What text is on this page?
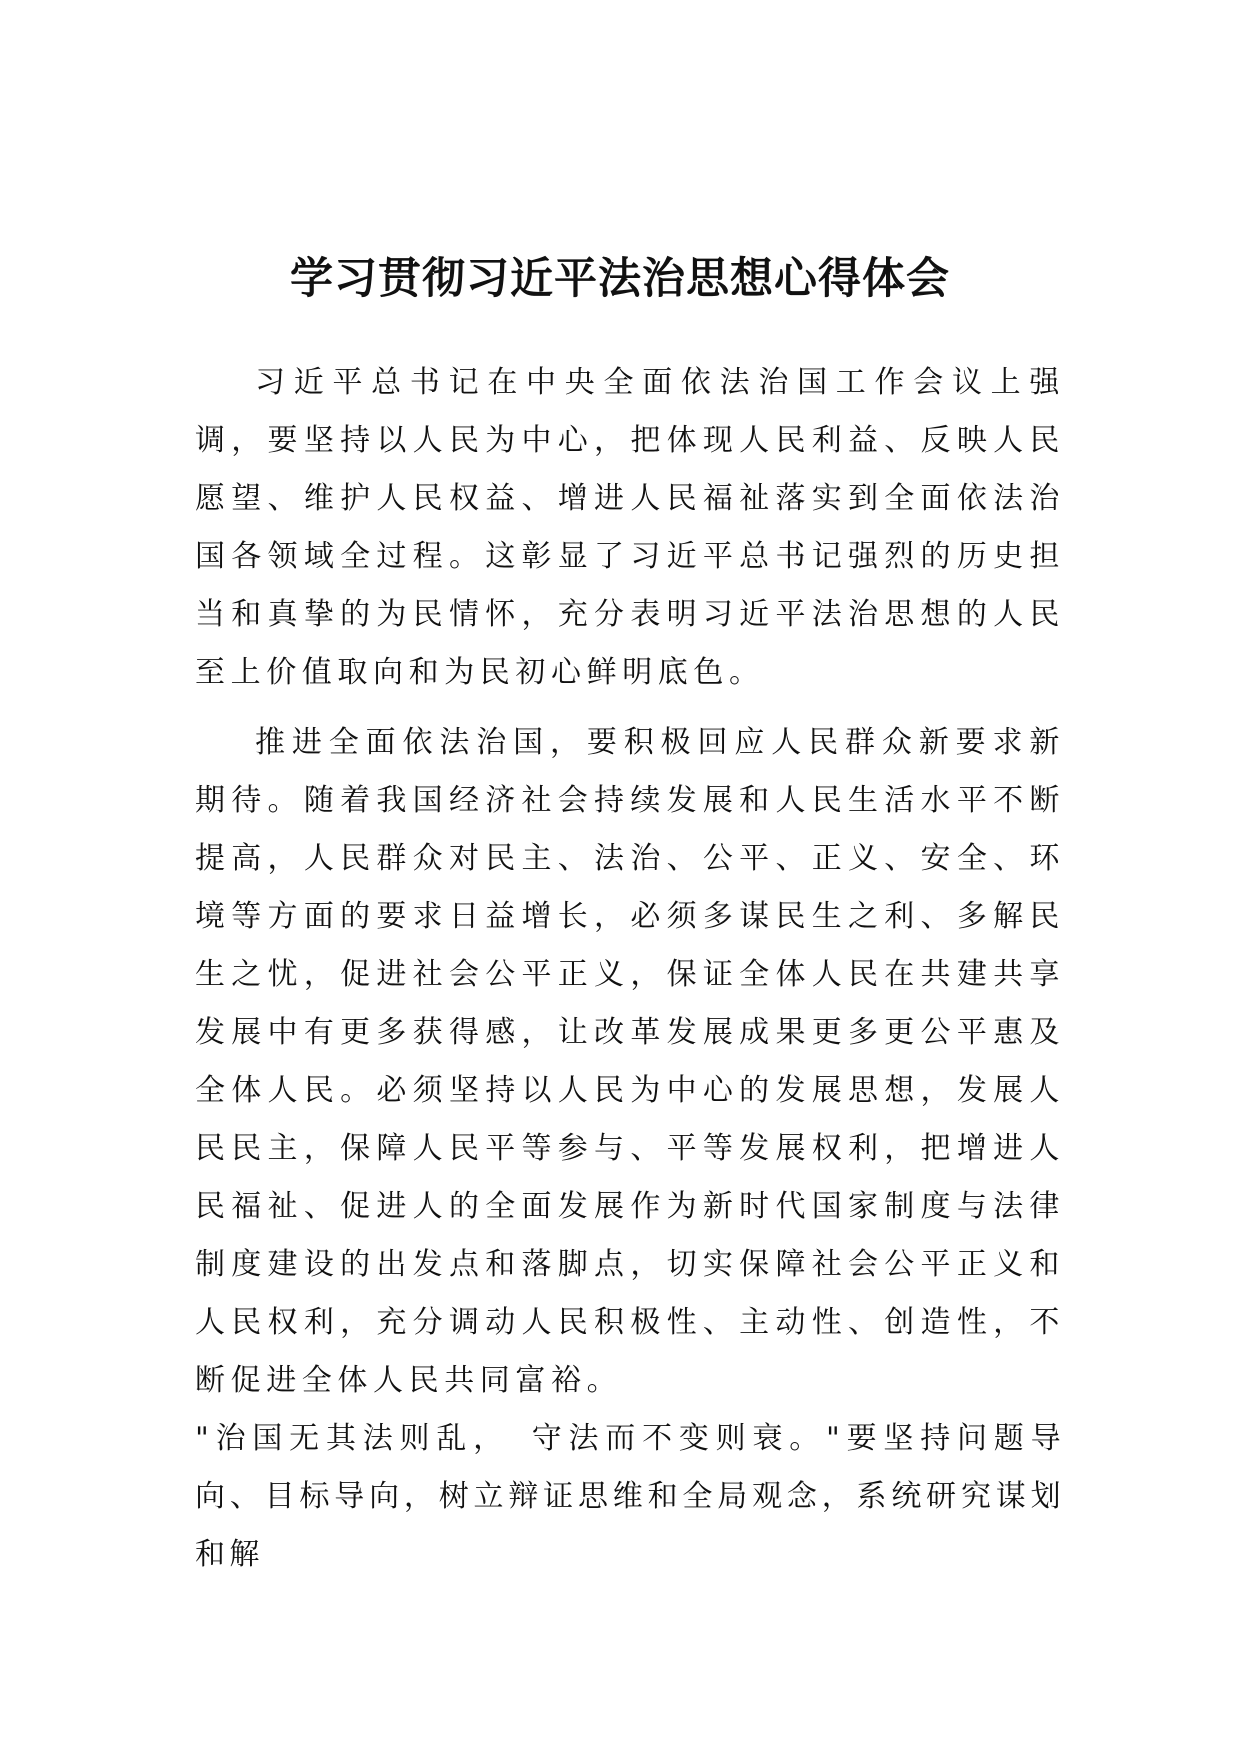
学习贯彻习近平法治思想心得体会

习近平总书记在中央全面依法治国工作会议上强调，要坚持以人民为中心，把体现人民利益、反映人民愿望、维护人民权益、增进人民福祉落实到全面依法治国各领域全过程。这彰显了习近平总书记强烈的历史担当和真挚的为民情怀，充分表明习近平法治思想的人民至上价值取向和为民初心鲜明底色。

推进全面依法治国，要积极回应人民群众新要求新期待。随着我国经济社会持续发展和人民生活水平不断提高，人民群众对民主、法治、公平、正义、安全、环境等方面的要求日益增长，必须多谋民生之利、多解民生之忧，促进社会公平正义，保证全体人民在共建共享发展中有更多获得感，让改革发展成果更多更公平惠及全体人民。必须坚持以人民为中心的发展思想，发展人民民主，保障人民平等参与、平等发展权利，把增进人民福祉、促进人的全面发展作为新时代国家制度与法律制度建设的出发点和落脚点，切实保障社会公平正义和人民权利，充分调动人民积极性、主动性、创造性，不断促进全体人民共同富裕。

"治国无其法则乱，　守法而不变则衰。"要坚持问题导向、目标导向，树立辩证思维和全局观念，系统研究谋划和解
